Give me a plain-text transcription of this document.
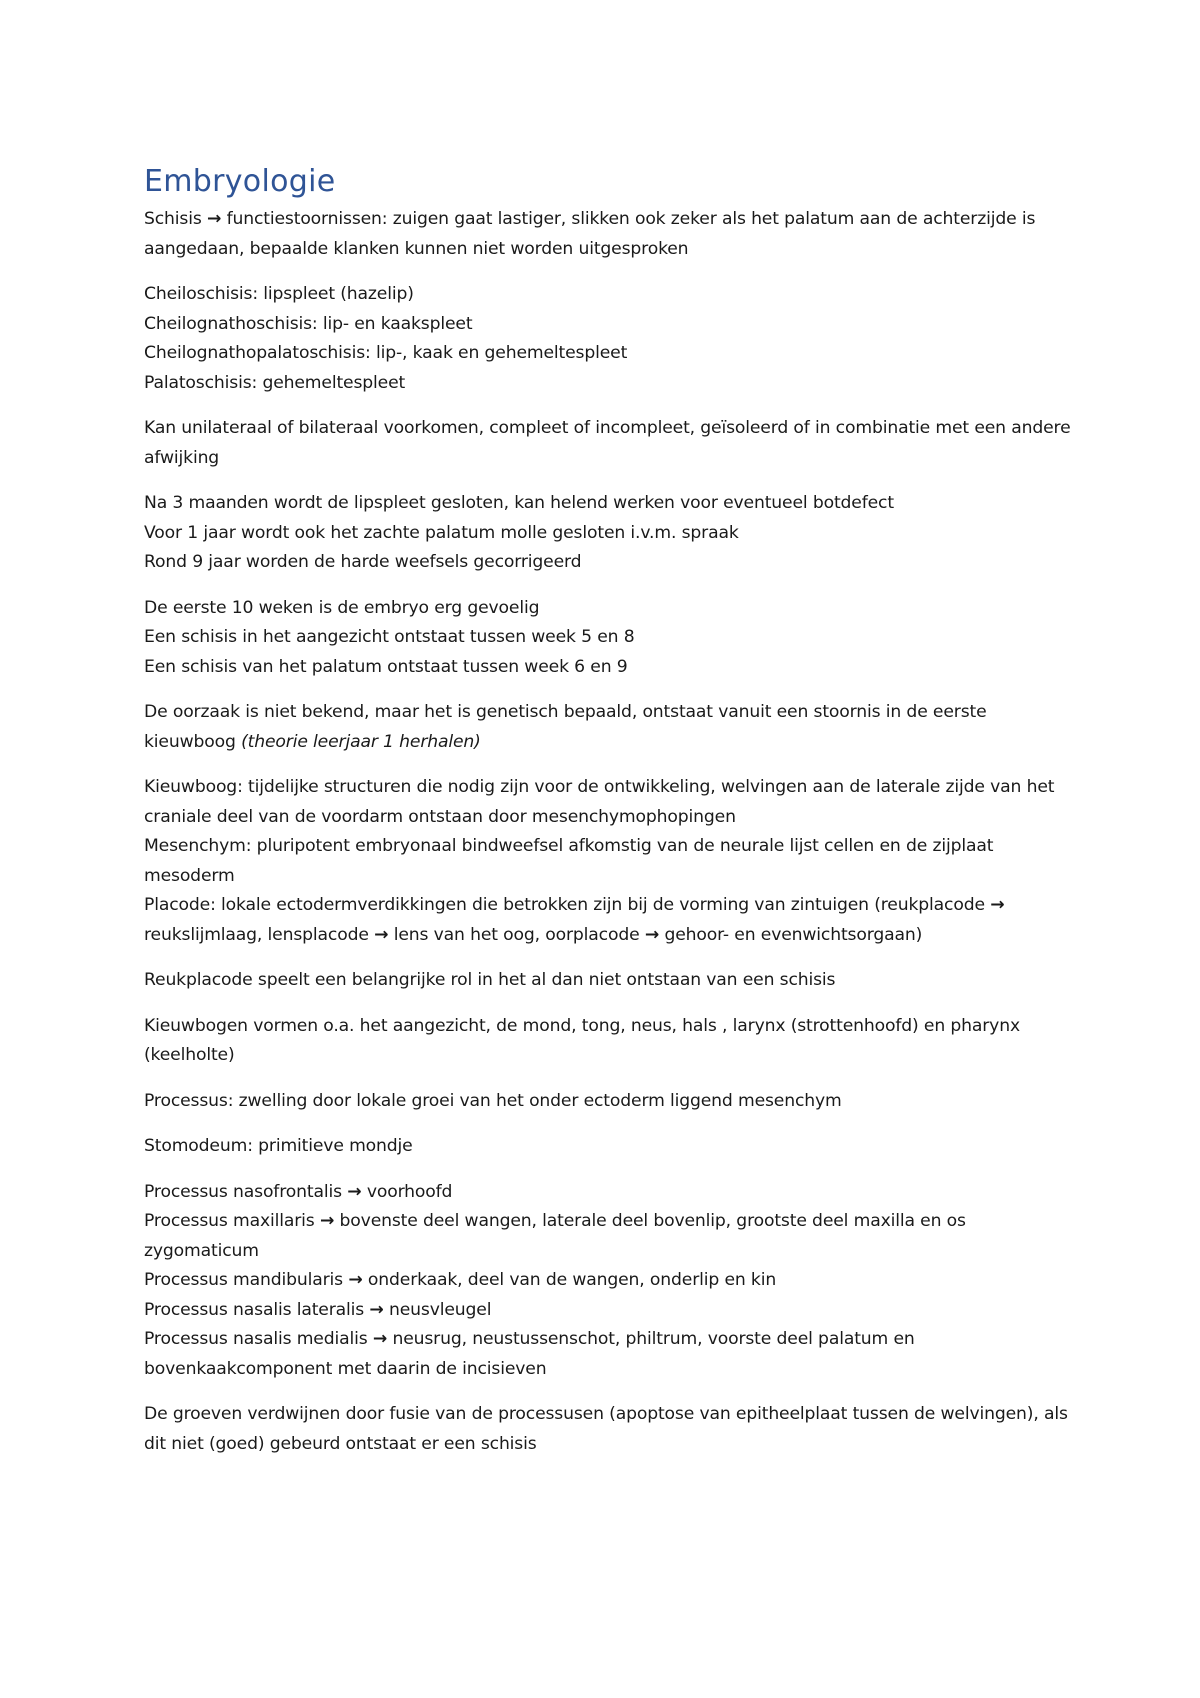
Embryologie

Schisis → functiestoornissen: zuigen gaat lastiger, slikken ook zeker als het palatum aan de achterzijde is aangedaan, bepaalde klanken kunnen niet worden uitgesproken

Cheiloschisis: lipspleet (hazelip)
Cheilognathoschisis: lip- en kaakspleet
Cheilognathopalatoschisis: lip-, kaak en gehemeltespleet
Palatoschisis: gehemeltespleet

Kan unilateraal of bilateraal voorkomen, compleet of incompleet, geïsoleerd of in combinatie met een andere afwijking

Na 3 maanden wordt de lipspleet gesloten, kan helend werken voor eventueel botdefect
Voor 1 jaar wordt ook het zachte palatum molle gesloten i.v.m. spraak
Rond 9 jaar worden de harde weefsels gecorrigeerd

De eerste 10 weken is de embryo erg gevoelig
Een schisis in het aangezicht ontstaat tussen week 5 en 8
Een schisis van het palatum ontstaat tussen week 6 en 9

De oorzaak is niet bekend, maar het is genetisch bepaald, ontstaat vanuit een stoornis in de eerste kieuwboog (theorie leerjaar 1 herhalen)

Kieuwboog: tijdelijke structuren die nodig zijn voor de ontwikkeling, welvingen aan de laterale zijde van het craniale deel van de voordarm ontstaan door mesenchymophopingen
Mesenchym: pluripotent embryonaal bindweefsel afkomstig van de neurale lijst cellen en de zijplaat mesoderm
Placode: lokale ectodermverdikkingen die betrokken zijn bij de vorming van zintuigen (reukplacode → reukslijmlaag, lensplacode → lens van het oog, oorplacode → gehoor- en evenwichtsorgaan)

Reukplacode speelt een belangrijke rol in het al dan niet ontstaan van een schisis

Kieuwbogen vormen o.a. het aangezicht, de mond, tong, neus, hals , larynx (strottenhoofd) en pharynx (keelholte)

Processus: zwelling door lokale groei van het onder ectoderm liggend mesenchym

Stomodeum: primitieve mondje

Processus nasofrontalis → voorhoofd
Processus maxillaris → bovenste deel wangen, laterale deel bovenlip, grootste deel maxilla en os zygomaticum
Processus mandibularis → onderkaak, deel van de wangen, onderlip en kin
Processus nasalis lateralis → neusvleugel
Processus nasalis medialis → neusrug, neustussenschot, philtrum, voorste deel palatum en bovenkaakcomponent met daarin de incisieven

De groeven verdwijnen door fusie van de processusen (apoptose van epitheelplaat tussen de welvingen), als dit niet (goed) gebeurd ontstaat er een schisis
